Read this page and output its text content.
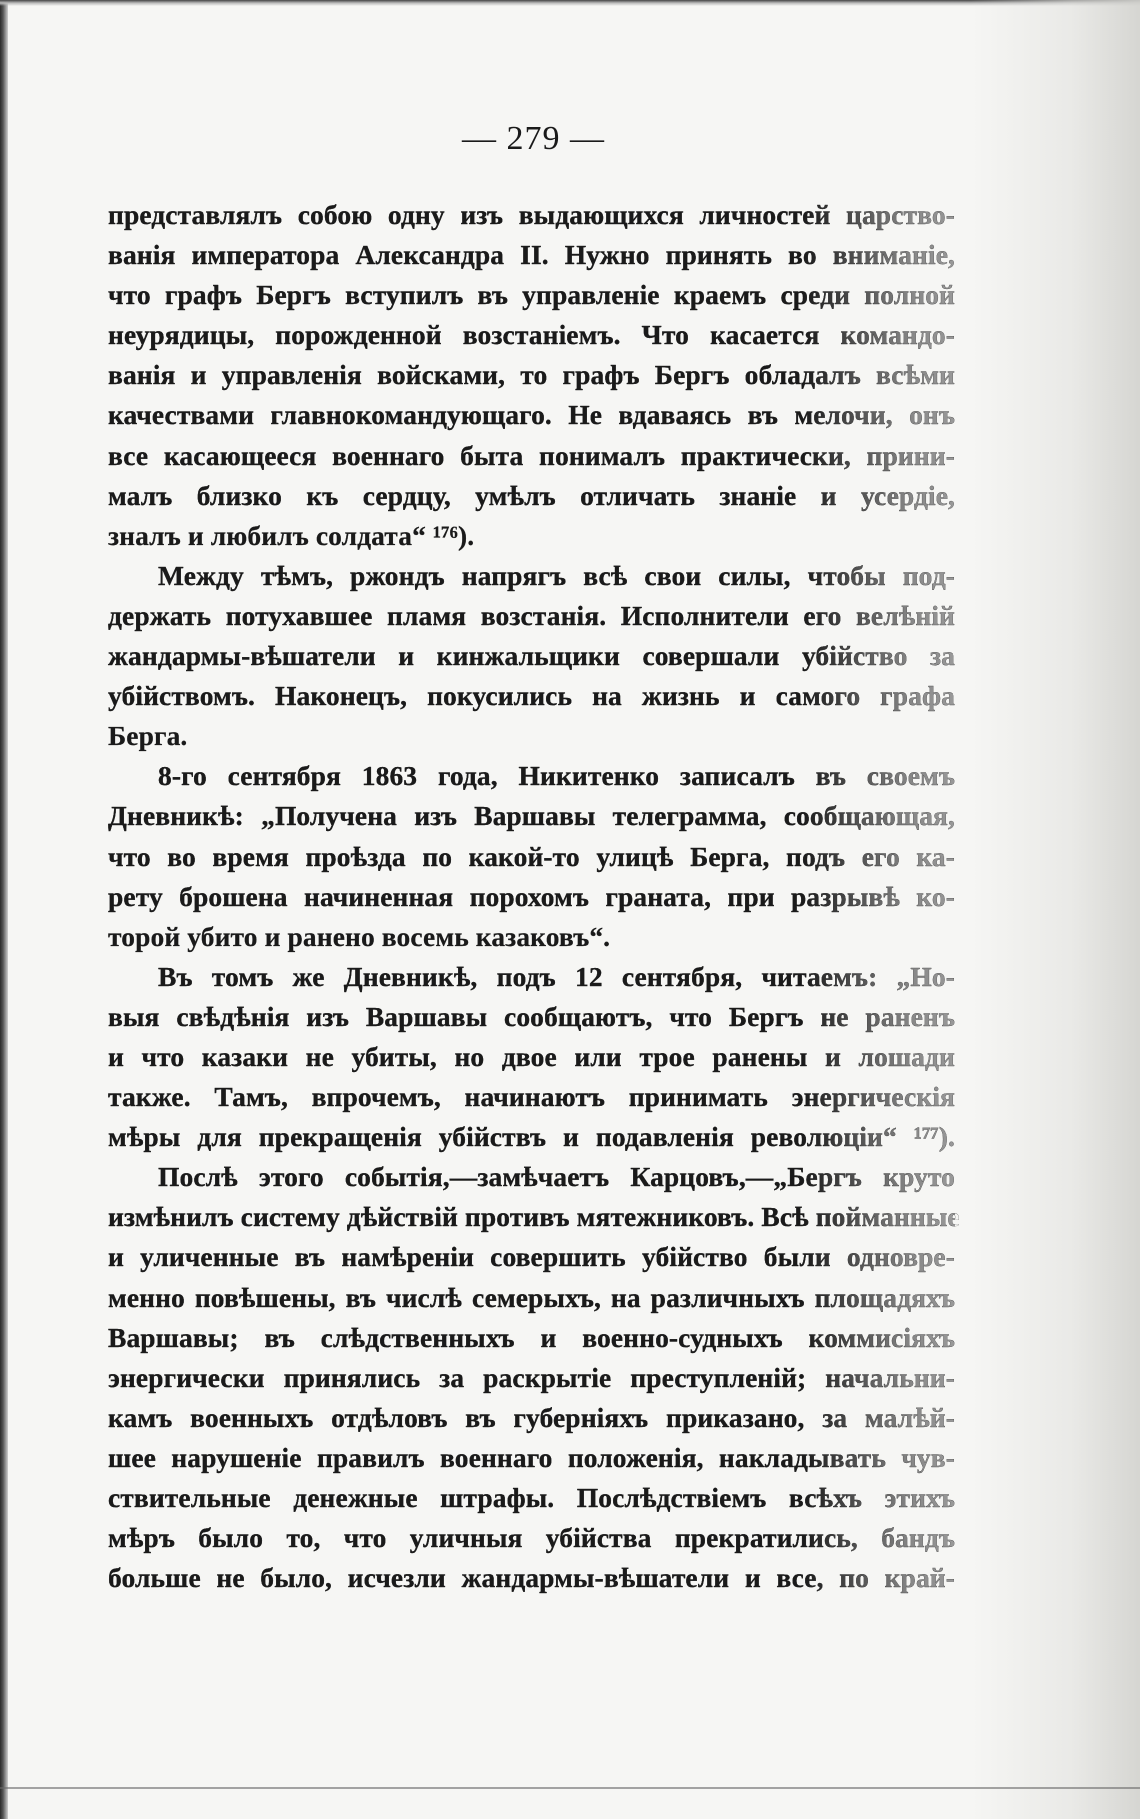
— 279 —
представлялъ собою одну изъ выдающихся личностей царство-
ванія императора Александра II. Нужно принять во вниманіе,
что графъ Бергъ вступилъ въ управленіе краемъ среди полной
неурядицы, порожденной возстаніемъ. Что касается командо-
ванія и управленія войсками, то графъ Бергъ обладалъ всѣми
качествами главнокомандующаго. Не вдаваясь въ мелочи, онъ
все касающееся военнаго быта понималъ практически, прини-
малъ близко къ сердцу, умѣлъ отличать знаніе и усердіе,
зналъ и любилъ солдата“ ¹⁷⁶).
Между тѣмъ, ржондъ напрягъ всѣ свои силы, чтобы под-
держать потухавшее пламя возстанія. Исполнители его велѣній
жандармы-вѣшатели и кинжальщики совершали убійство за
убійствомъ. Наконецъ, покусились на жизнь и самого графа
Берга.
8-го сентября 1863 года, Никитенко записалъ въ своемъ
Дневникѣ: „Получена изъ Варшавы телеграмма, сообщающая,
что во время проѣзда по какой-то улицѣ Берга, подъ его ка-
рету брошена начиненная порохомъ граната, при разрывѣ ко-
торой убито и ранено восемь казаковъ“.
Въ томъ же Дневникѣ, подъ 12 сентября, читаемъ: „Но-
выя свѣдѣнія изъ Варшавы сообщаютъ, что Бергъ не раненъ
и что казаки не убиты, но двое или трое ранены и лошади
также. Тамъ, впрочемъ, начинаютъ принимать энергическія
мѣры для прекращенія убійствъ и подавленія революціи“ ¹⁷⁷).
Послѣ этого событія,—замѣчаетъ Карцовъ,—„Бергъ круто
измѣнилъ систему дѣйствій противъ мятежниковъ. Всѣ пойманные
и уличенные въ намѣреніи совершить убійство были одновре-
менно повѣшены, въ числѣ семерыхъ, на различныхъ площадяхъ
Варшавы; въ слѣдственныхъ и военно-судныхъ коммисіяхъ
энергически принялись за раскрытіе преступленій; начальни-
камъ военныхъ отдѣловъ въ губерніяхъ приказано, за малѣй-
шее нарушеніе правилъ военнаго положенія, накладывать чув-
ствительные денежные штрафы. Послѣдствіемъ всѣхъ этихъ
мѣръ было то, что уличныя убійства прекратились, бандъ
больше не было, исчезли жандармы-вѣшатели и все, по край-
